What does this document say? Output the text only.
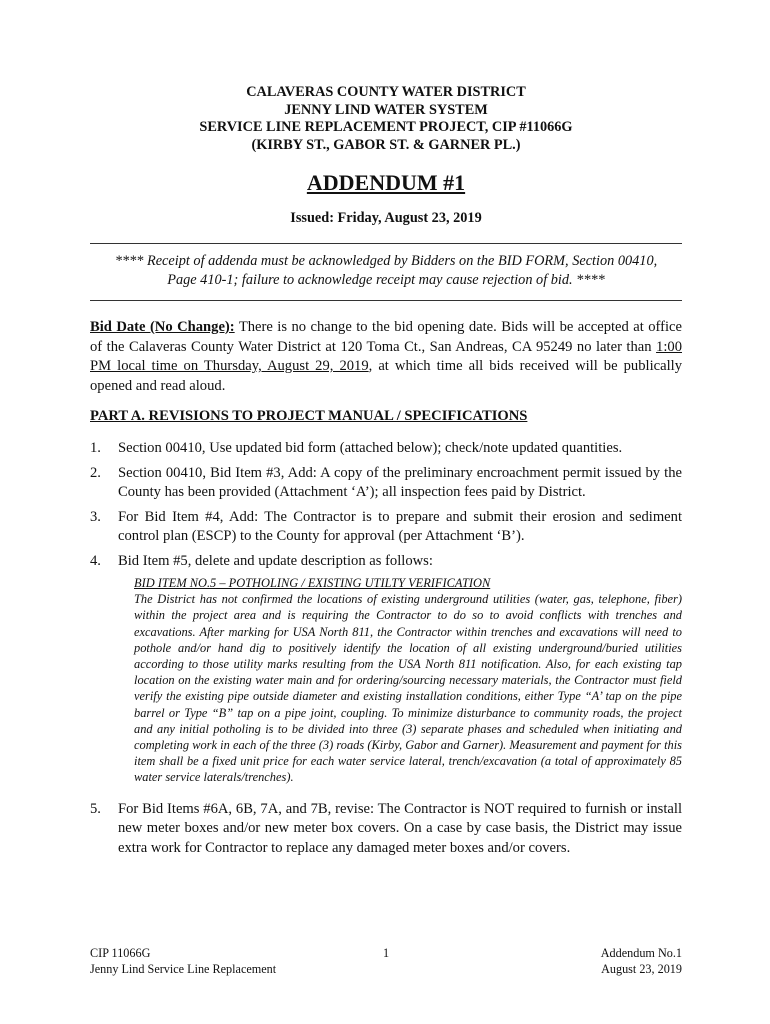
CALAVERAS COUNTY WATER DISTRICT
JENNY LIND WATER SYSTEM
SERVICE LINE REPLACEMENT PROJECT, CIP #11066G
(KIRBY ST., GABOR ST. & GARNER PL.)
ADDENDUM #1
Issued: Friday, August 23, 2019
**** Receipt of addenda must be acknowledged by Bidders on the BID FORM, Section 00410,
Page 410-1; failure to acknowledge receipt may cause rejection of bid. ****
Bid Date (No Change): There is no change to the bid opening date. Bids will be accepted at office of the Calaveras County Water District at 120 Toma Ct., San Andreas, CA 95249 no later than 1:00 PM local time on Thursday, August 29, 2019, at which time all bids received will be publically opened and read aloud.
PART A. REVISIONS TO PROJECT MANUAL / SPECIFICATIONS
1. Section 00410, Use updated bid form (attached below); check/note updated quantities.
2. Section 00410, Bid Item #3, Add: A copy of the preliminary encroachment permit issued by the County has been provided (Attachment ‘A’); all inspection fees paid by District.
3. For Bid Item #4, Add: The Contractor is to prepare and submit their erosion and sediment control plan (ESCP) to the County for approval (per Attachment ‘B’).
4. Bid Item #5, delete and update description as follows:
BID ITEM NO.5 – POTHOLING / EXISTING UTILTY VERIFICATION
The District has not confirmed the locations of existing underground utilities (water, gas, telephone, fiber) within the project area and is requiring the Contractor to do so to avoid conflicts with trenches and excavations. After marking for USA North 811, the Contractor within trenches and excavations will need to pothole and/or hand dig to positively identify the location of all existing underground/buried utilities according to those utility marks resulting from the USA North 811 notification. Also, for each existing tap location on the existing water main and for ordering/sourcing necessary materials, the Contractor must field verify the existing pipe outside diameter and existing installation conditions, either Type “A’ tap on the pipe barrel or Type “B” tap on a pipe joint, coupling. To minimize disturbance to community roads, the project and any initial potholing is to be divided into three (3) separate phases and scheduled when initiating and completing work in each of the three (3) roads (Kirby, Gabor and Garner). Measurement and payment for this item shall be a fixed unit price for each water service lateral, trench/excavation (a total of approximately 85 water service laterals/trenches).
5. For Bid Items #6A, 6B, 7A, and 7B, revise: The Contractor is NOT required to furnish or install new meter boxes and/or new meter box covers. On a case by case basis, the District may issue extra work for Contractor to replace any damaged meter boxes and/or covers.
CIP 11066G
Jenny Lind Service Line Replacement
1	Addendum No.1
August 23, 2019
